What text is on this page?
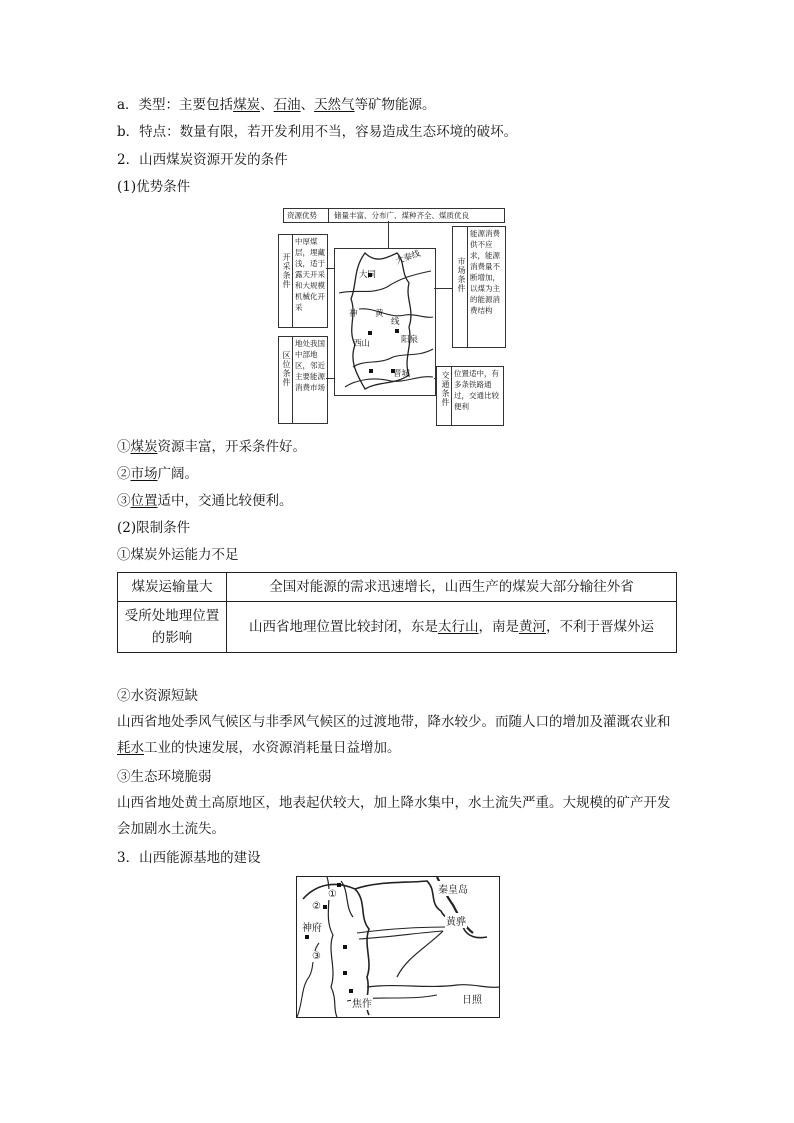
a．类型：主要包括煤炭、石油、天然气等矿物能源。
b．特点：数量有限，若开发利用不当，容易造成生态环境的破坏。
2．山西煤炭资源开发的条件
(1)优势条件
资源优势 储量丰富、分布广、煤种齐全、煤质优良
开采条件
中厚煤层，埋藏浅，适于露天开采和大规模机械化开采
区位条件
地处我国中部地区，邻近主要能源消费市场
市场条件
能源消费供不应求，能源消费量不断增加，以煤为主的能源消费结构
交通条件 位置适中，有多条铁路通过，交通比较便利
大同
大秦线
神 黄
线
西山	阳泉
晋城
①煤炭资源丰富，开采条件好。
②市场广阔。
③位置适中，交通比较便利。
(2)限制条件
①煤炭外运能力不足
煤炭运输量大	全国对能源的需求迅速增长，山西生产的煤炭大部分输往外省
受所处地理位置的影响	山西省地理位置比较封闭，东是太行山，南是黄河，不利于晋煤外运
②水资源短缺
山西省地处季风气候区与非季风气候区的过渡地带，降水较少。而随人口的增加及灌溉农业和耗水工业的快速发展，水资源消耗量日益增加。
③生态环境脆弱
山西省地处黄土高原地区，地表起伏较大，加上降水集中，水土流失严重。大规模的矿产开发会加剧水土流失。
3．山西能源基地的建设
秦皇岛
黄骅
神府
①
②
③
焦作	日照
